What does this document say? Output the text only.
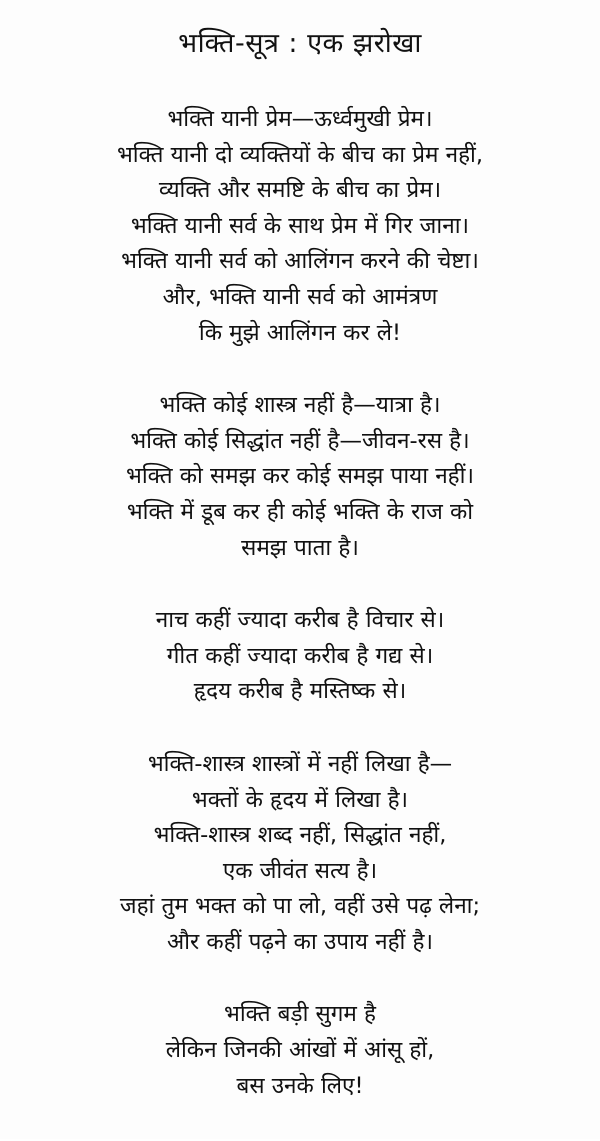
भक्ति-सूत्र : एक झरोखा
भक्ति यानी प्रेम—ऊर्ध्वमुखी प्रेम।
भक्ति यानी दो व्यक्तियों के बीच का प्रेम नहीं,
व्यक्ति और समष्टि के बीच का प्रेम।
भक्ति यानी सर्व के साथ प्रेम में गिर जाना।
भक्ति यानी सर्व को आलिंगन करने की चेष्टा।
और, भक्ति यानी सर्व को आमंत्रण
कि मुझे आलिंगन कर ले!
भक्ति कोई शास्त्र नहीं है—यात्रा है।
भक्ति कोई सिद्धांत नहीं है—जीवन-रस है।
भक्ति को समझ कर कोई समझ पाया नहीं।
भक्ति में डूब कर ही कोई भक्ति के राज को
समझ पाता है।
नाच कहीं ज्यादा करीब है विचार से।
गीत कहीं ज्यादा करीब है गद्य से।
हृदय करीब है मस्तिष्क से।
भक्ति-शास्त्र शास्त्रों में नहीं लिखा है—
भक्तों के हृदय में लिखा है।
भक्ति-शास्त्र शब्द नहीं, सिद्धांत नहीं,
एक जीवंत सत्य है।
जहां तुम भक्त को पा लो, वहीं उसे पढ़ लेना;
और कहीं पढ़ने का उपाय नहीं है।
भक्ति बड़ी सुगम है
लेकिन जिनकी आंखों में आंसू हों,
बस उनके लिए!
